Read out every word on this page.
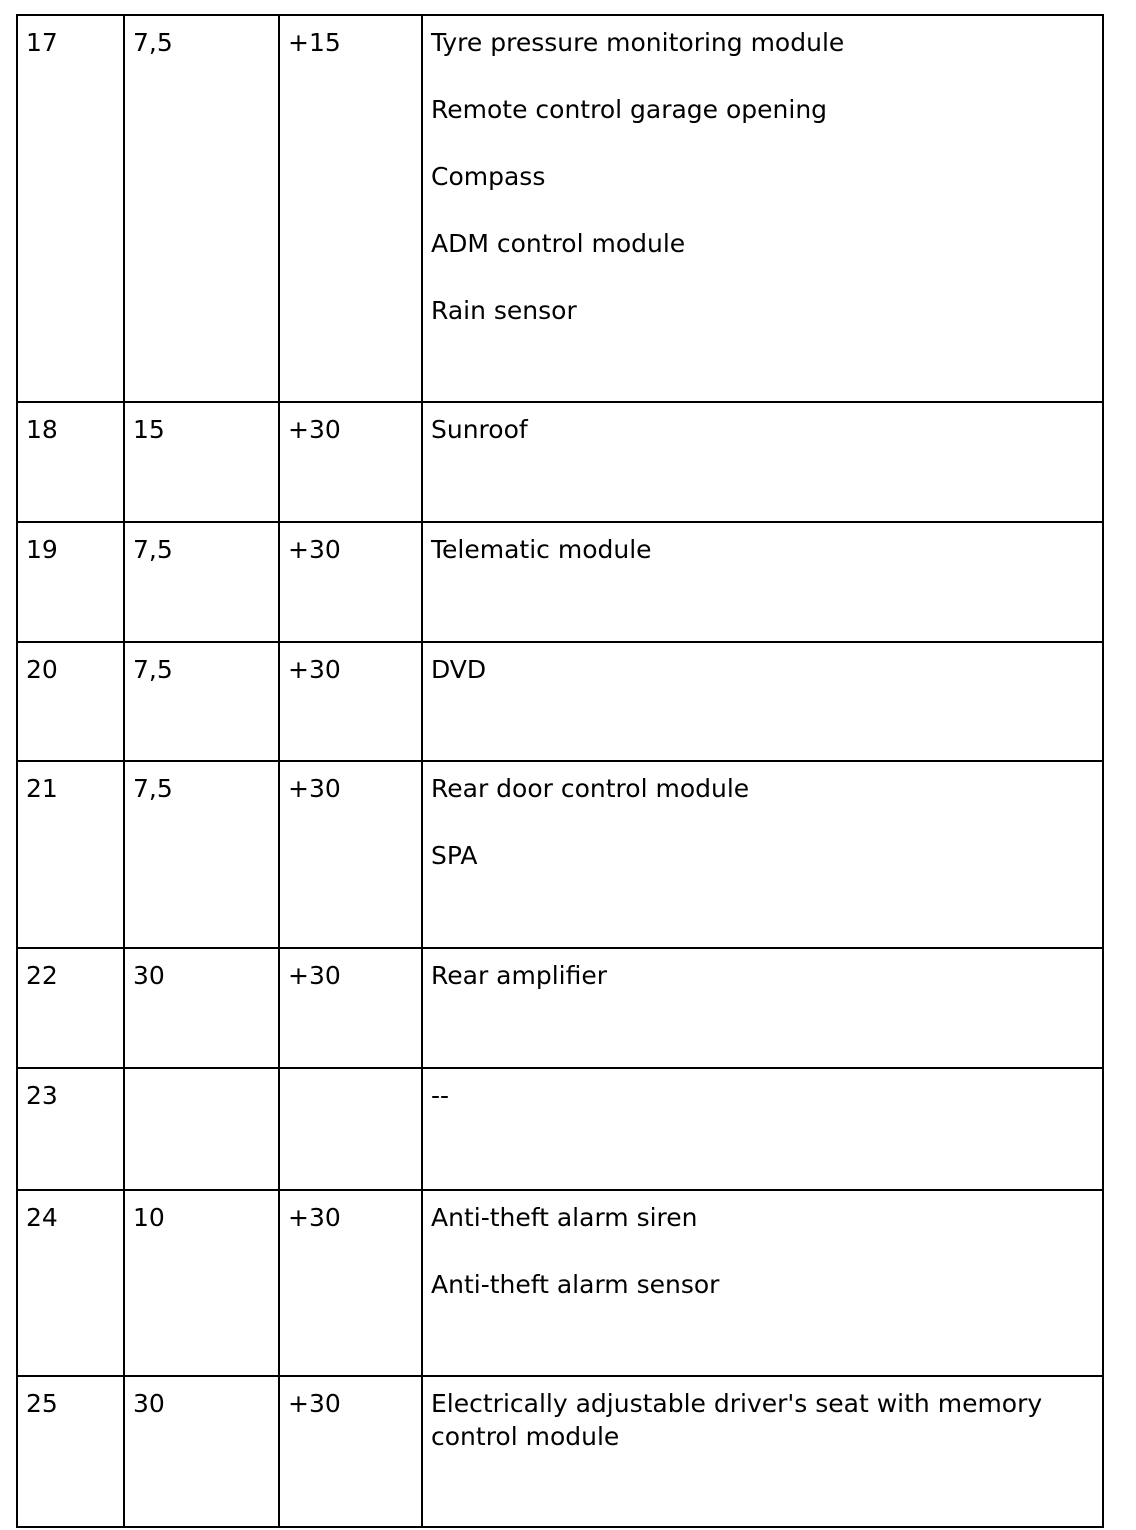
17	7,5	+15	Tyre pressure monitoring module
Remote control garage opening
Compass
ADM control module
Rain sensor

18	15	+30	Sunroof

19	7,5	+30	Telematic module

20	7,5	+30	DVD

21	7,5	+30	Rear door control module
SPA

22	30	+30	Rear amplifier

23			--

24	10	+30	Anti-theft alarm siren
Anti-theft alarm sensor

25	30	+30	Electrically adjustable driver's seat with memory control module
